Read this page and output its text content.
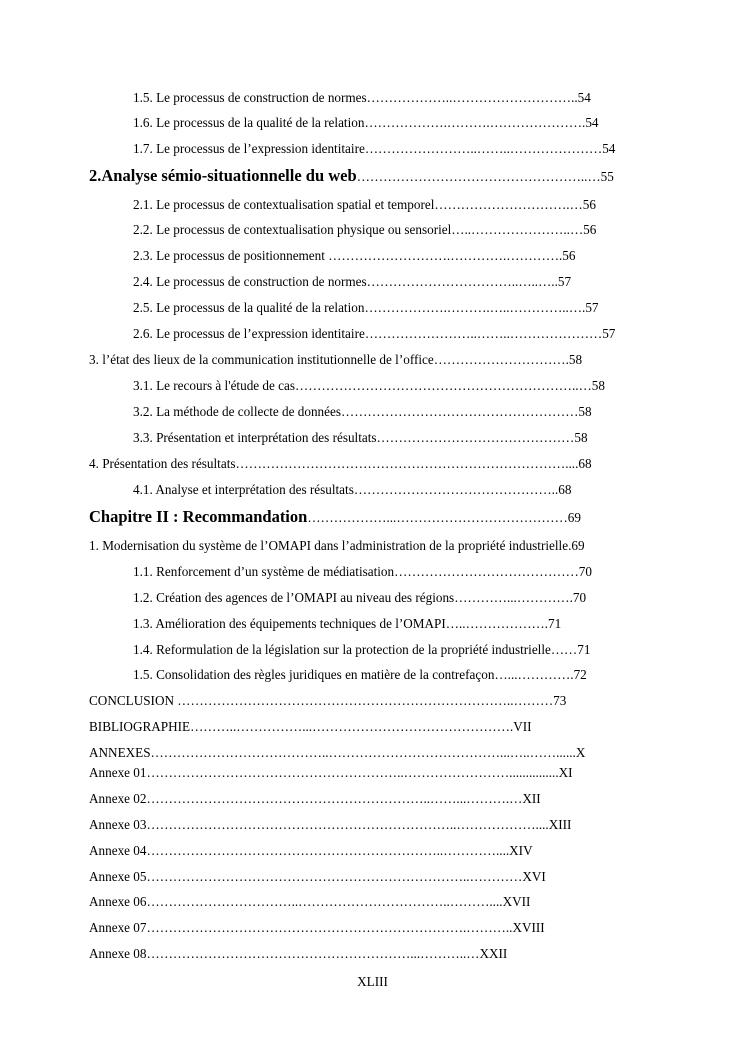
1.5. Le processus de construction de normes………………..………………………..54
1.6. Le processus de la qualité de la relation……………….……….………………….54
1.7. Le processus de l’expression identitaire……………………..……..…………………54
2.Analyse sémio-situationnelle du web……………………………………………..…55
2.1. Le processus de contextualisation spatial et temporel………………………….…56
2.2. Le processus de contextualisation physique ou sensoriel…..…………………..…56
2.3. Le processus de positionnement ……………………….………….………….56
2.4. Le processus de construction de normes……………………………..…..…..57
2.5. Le processus de la qualité de la relation……………….……….…..…………..….57
2.6. Le processus de l’expression identitaire……………………..……..…………………57
3. l’état des lieux de la communication institutionnelle de l’office………………………….58
3.1. Le recours à l'étude de cas………………………………………………………..…58
3.2. La méthode de collecte de données………………………………………………58
3.3. Présentation et interprétation des résultats………………………………………58
4. Présentation des résultats…………………………………………………………………....68
4.1. Analyse et interprétation des résultats………………………………………..68
Chapitre II : Recommandation………………...…………………………………69
1. Modernisation du système de l’OMAPI dans l’administration de la propriété industrielle.69
1.1. Renforcement d’un système de médiatisation……………………………………70
1.2. Création des agences de l’OMAPI au niveau des régions…………...………….70
1.3. Amélioration des équipements techniques de l’OMAPI…..……………….71
1.4. Reformulation de la législation sur la protection de la propriété industrielle……71
1.5. Consolidation des règles juridiques en matière de la contrefaçon…...………….72
CONCLUSION …………………………………………………………………..………73
BIBLIOGRAPHIE………..……………...……………………………………….VII
ANNEXES…………………………………..…………………………………...…..……......X
Annexe 01…………………………………………………..……………………...............XI
Annexe 02………………………………………………………..……...……….…XII
Annexe 03……………………………………………………………..………………....XIII
Annexe 04…………………………………………………………..…………....XIV
Annexe 05………………………………………………………………..…………XVI
Annexe 06……………………………..……………………………..………....XVII
Annexe 07……………………………………………………………….………..XVIII
Annexe 08……………………………………………………...………..…XXII
XLIII
